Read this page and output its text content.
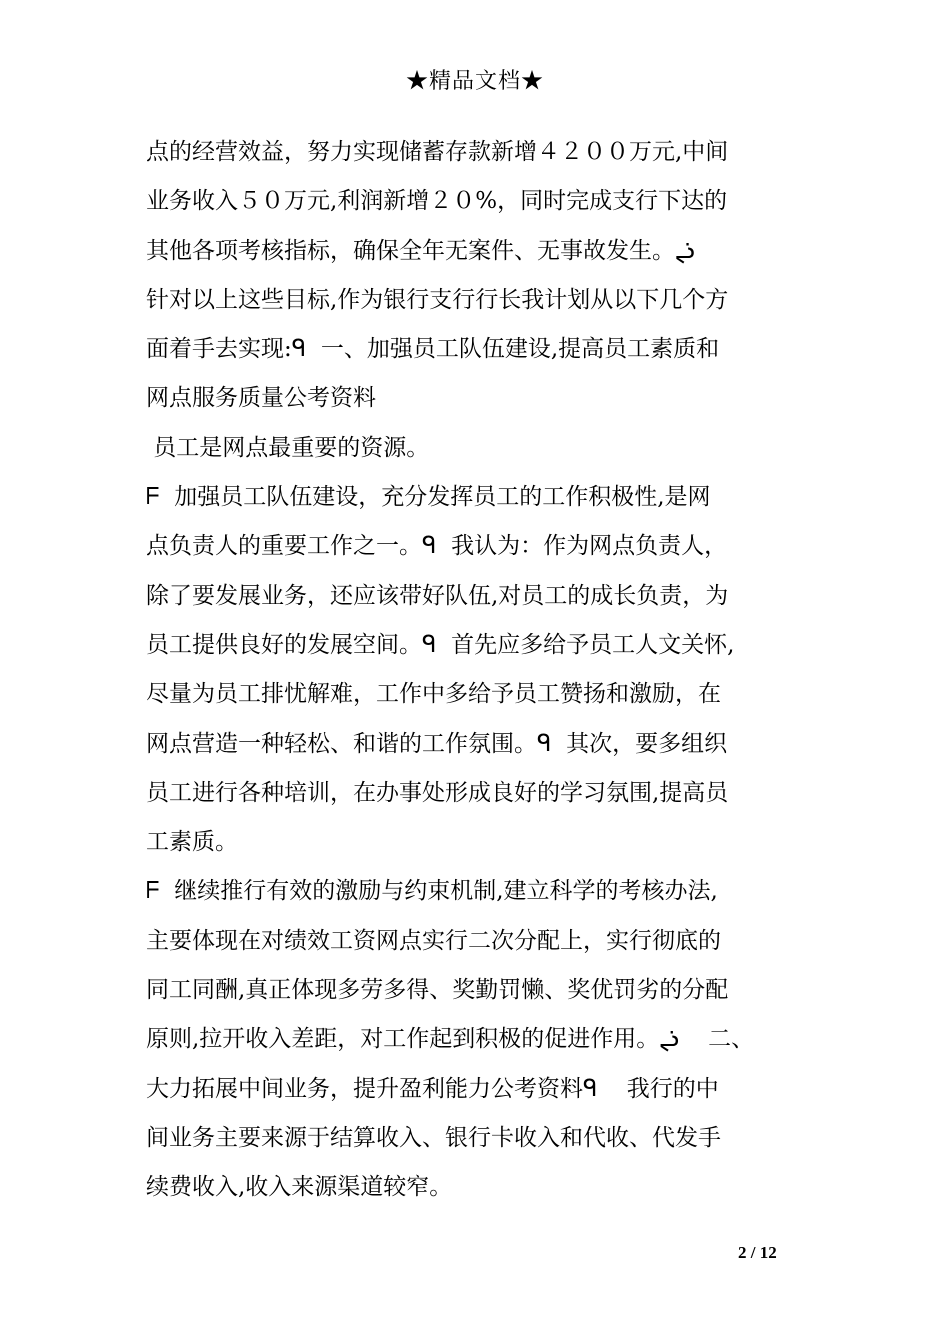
★精品文档★
点的经营效益，努力实现储蓄存款新增４２００万元,中间
业务收入５０万元,利润新增２０%，同时完成支行下达的
其他各项考核指标，确保全年无案件、无事故发生。ᖣ
针对以上这些目标,作为银行支行行长我计划从以下几个方
面着手去实现:ᑫ  一、加强员工队伍建设,提高员工素质和
网点服务质量公考资料
员工是网点最重要的资源。
ᖴ  加强员工队伍建设，充分发挥员工的工作积极性,是网
点负责人的重要工作之一。ᑫ  我认为：作为网点负责人，
除了要发展业务，还应该带好队伍,对员工的成长负责，为
员工提供良好的发展空间。ᑫ  首先应多给予员工人文关怀,
尽量为员工排忧解难，工作中多给予员工赞扬和激励，在
网点营造一种轻松、和谐的工作氛围。ᑫ  其次，要多组织
员工进行各种培训，在办事处形成良好的学习氛围,提高员
工素质。
ᖴ  继续推行有效的激励与约束机制,建立科学的考核办法,
主要体现在对绩效工资网点实行二次分配上，实行彻底的
同工同酬,真正体现多劳多得、奖勤罚懒、奖优罚劣的分配
原则,拉开收入差距，对工作起到积极的促进作用。ᖣ    二、
大力拓展中间业务，提升盈利能力公考资料ᑫ    我行的中
间业务主要来源于结算收入、银行卡收入和代收、代发手
续费收入,收入来源渠道较窄。
2 / 12
